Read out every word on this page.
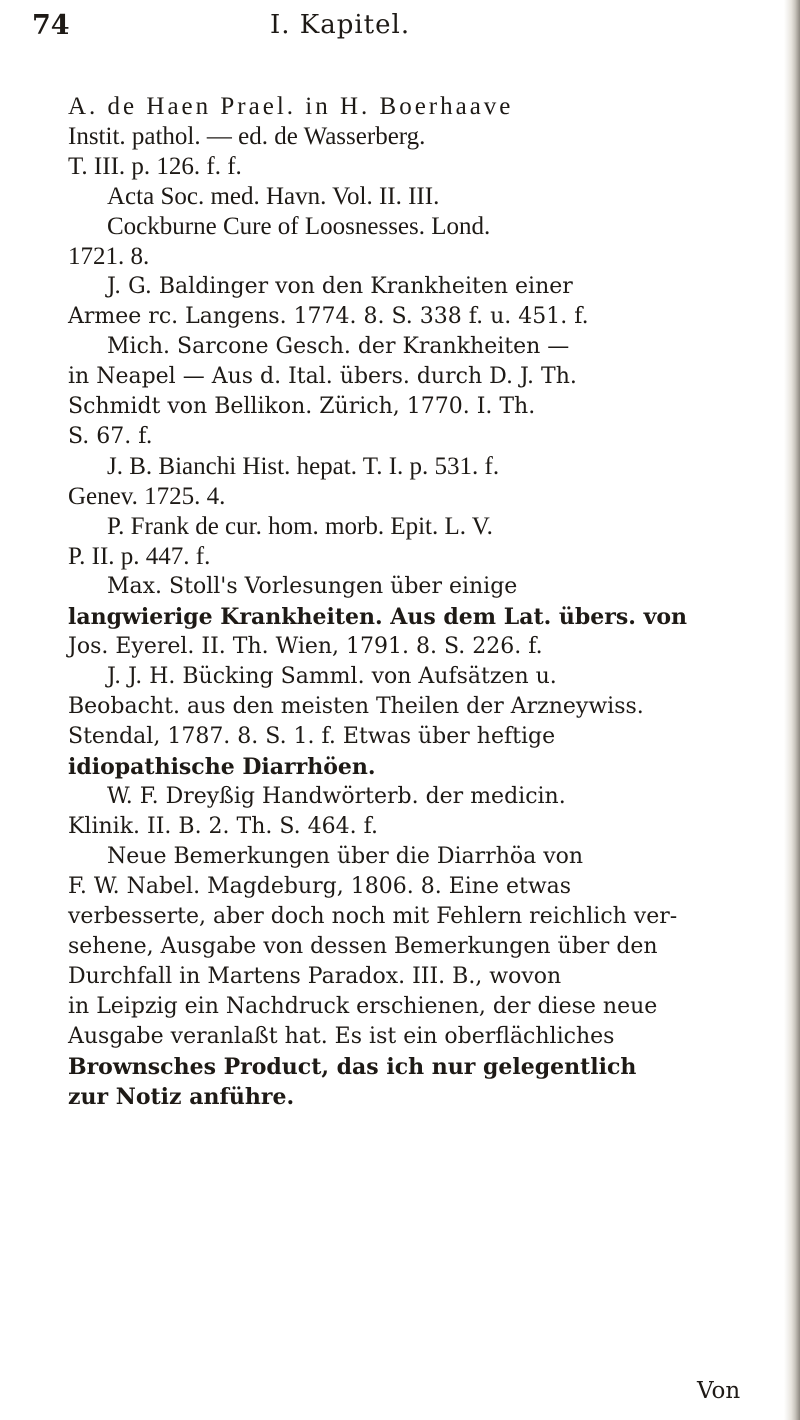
74	I. Kapitel.
A. de Haen Prael. in H. Boerhaave
Instit. pathol. — ed. de Wasserberg.
T. III. p. 126. f. f.
Acta Soc. med. Havn. Vol. II. III.
Cockburne Cure of Loosnesses. Lond.
1721. 8.
J. G. Baldinger von den Krankheiten einer
Armee rc. Langens. 1774. 8. S. 338 f. u. 451. f.
Mich. Sarcone Gesch. der Krankheiten —
in Neapel — Aus d. Ital. übers. durch D. J. Th.
Schmidt von Bellikon. Zürich, 1770. I. Th.
S. 67. f.
J. B. Bianchi Hist. hepat. T. I. p. 531. f.
Genev. 1725. 4.
P. Frank de cur. hom. morb. Epit. L. V.
P. II. p. 447. f.
Max. Stoll's Vorlesungen über einige
langwierige Krankheiten. Aus dem Lat. übers. von
Jos. Eyerel. II. Th. Wien, 1791. 8. S. 226. f.
J. J. H. Bücking Samml. von Aufsätzen u.
Beobacht. aus den meisten Theilen der Arzneywiss.
Stendal, 1787. 8. S. 1. f. Etwas über heftige
idiopathische Diarrhöen.
W. F. Dreyßig Handwörterb. der medicin.
Klinik. II. B. 2. Th. S. 464. f.
Neue Bemerkungen über die Diarrhöa von
F. W. Nabel. Magdeburg, 1806. 8. Eine etwas
verbesserte, aber doch noch mit Fehlern reichlich ver-
sehene, Ausgabe von dessen Bemerkungen über den
Durchfall in Martens Paradox. III. B., wovon
in Leipzig ein Nachdruck erschienen, der diese neue
Ausgabe veranlaßt hat. Es ist ein oberflächliches
Brownsches Product, das ich nur gelegentlich
zur Notiz anführe.
Von
